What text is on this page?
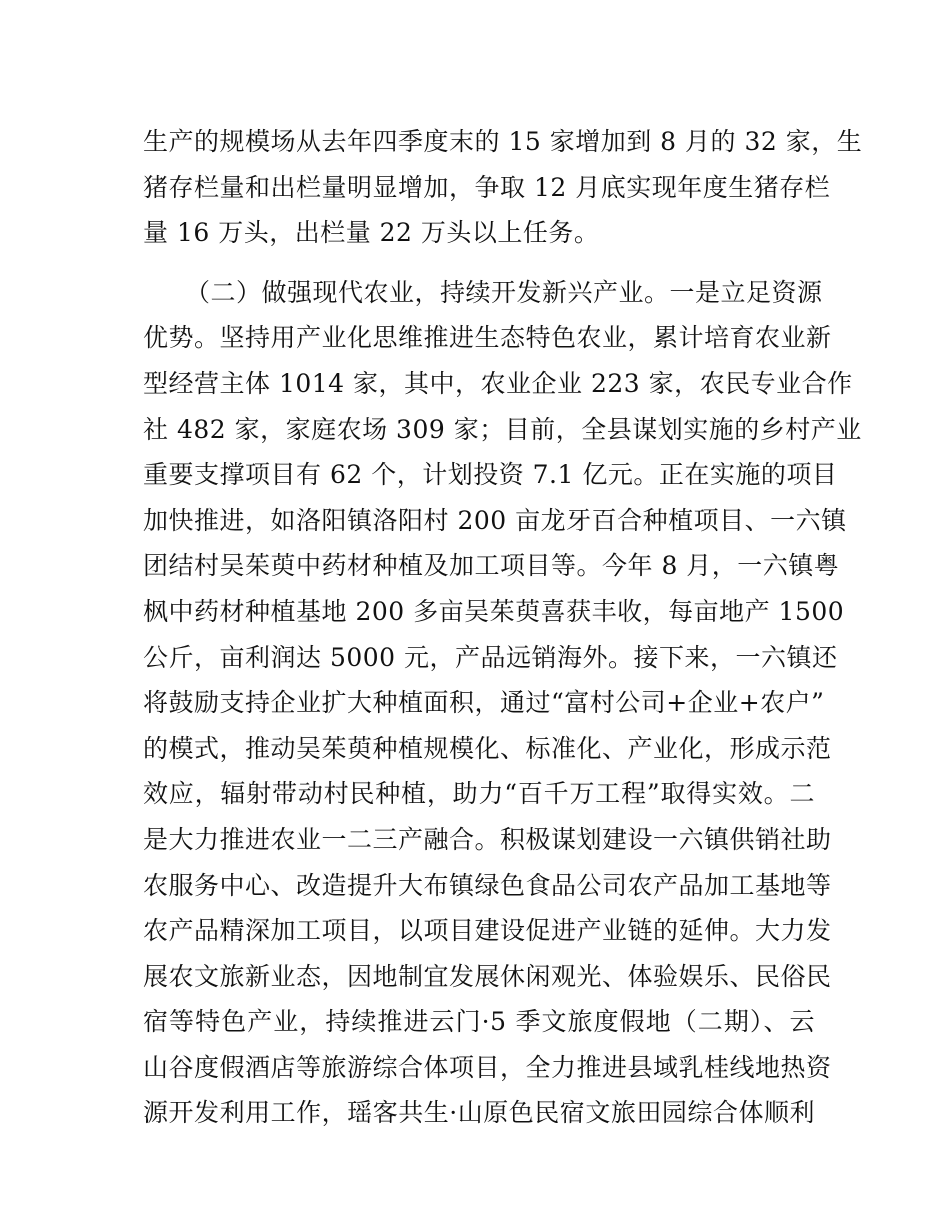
生产的规模场从去年四季度末的 15 家增加到 8 月的 32 家，生
猪存栏量和出栏量明显增加，争取 12 月底实现年度生猪存栏
量 16 万头，出栏量 22 万头以上任务。
（二）做强现代农业，持续开发新兴产业。一是立足资源
优势。坚持用产业化思维推进生态特色农业，累计培育农业新
型经营主体 1014 家，其中，农业企业 223 家，农民专业合作
社 482 家，家庭农场 309 家；目前，全县谋划实施的乡村产业
重要支撑项目有 62 个，计划投资 7.1 亿元。正在实施的项目
加快推进，如洛阳镇洛阳村 200 亩龙牙百合种植项目、一六镇
团结村吴茱萸中药材种植及加工项目等。今年 8 月，一六镇粤
枫中药材种植基地 200 多亩吴茱萸喜获丰收，每亩地产 1500
公斤，亩利润达 5000 元，产品远销海外。接下来，一六镇还
将鼓励支持企业扩大种植面积，通过“富村公司+企业+农户”
的模式，推动吴茱萸种植规模化、标准化、产业化，形成示范
效应，辐射带动村民种植，助力“百千万工程”取得实效。二
是大力推进农业一二三产融合。积极谋划建设一六镇供销社助
农服务中心、改造提升大布镇绿色食品公司农产品加工基地等
农产品精深加工项目，以项目建设促进产业链的延伸。大力发
展农文旅新业态，因地制宜发展休闲观光、体验娱乐、民俗民
宿等特色产业，持续推进云门·5 季文旅度假地（二期）、云
山谷度假酒店等旅游综合体项目，全力推进县域乳桂线地热资
源开发利用工作，瑶客共生·山原色民宿文旅田园综合体顺利
